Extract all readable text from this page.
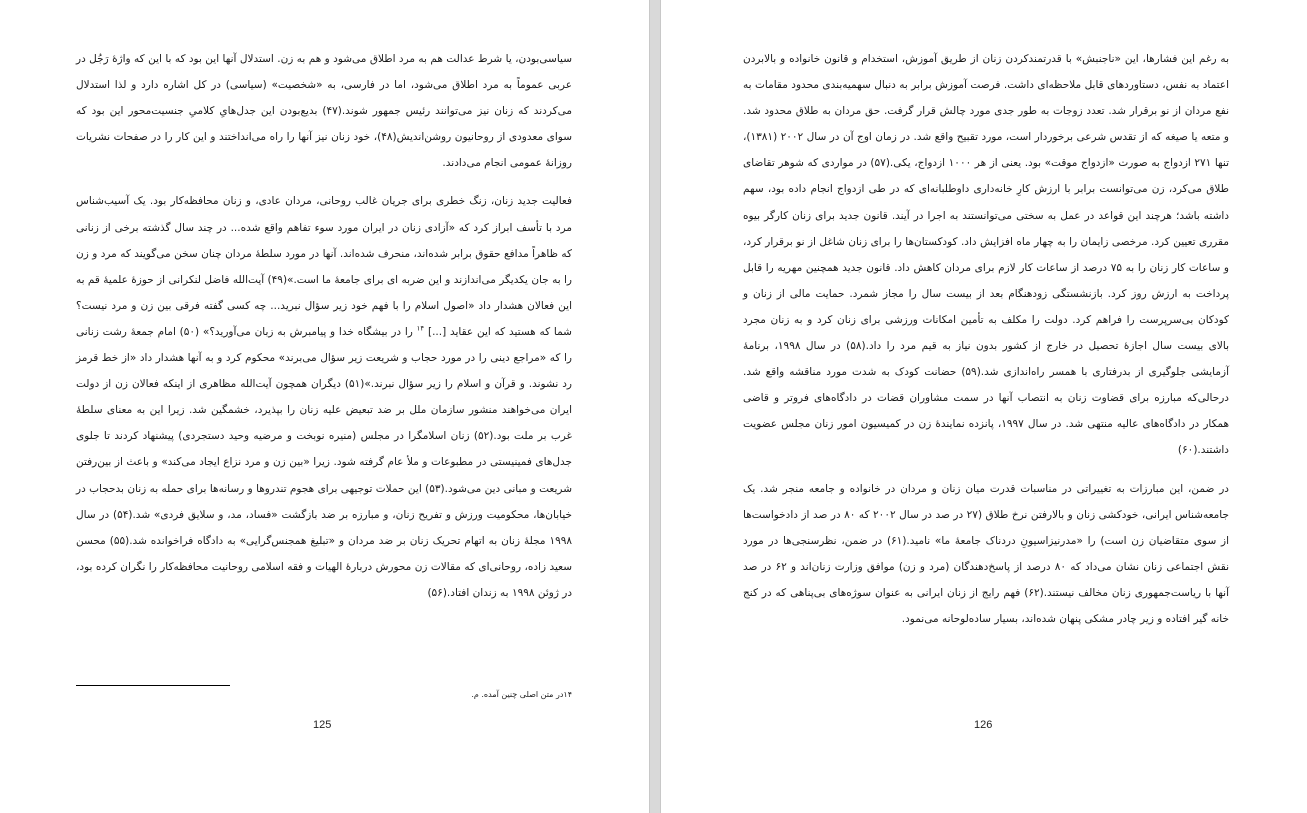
سیاسی‌بودن، یا شرط عدالت هم به مرد اطلاق می‌شود و هم به زن. استدلال آنها این بود که با این که واژهٔ رَجُل در عربی عموماً به مرد اطلاق می‌شود، اما در فارسی، به «شخصیت» (سیاسی) در کل اشاره دارد و لذا استدلال می‌کردند که زنان نیز می‌توانند رئیس جمهور شوند.(۴۷) بدیع‌بودن این جدل‌هایِ کلامیِ جنسیت‌محور این بود که سوای معدودی از روحانیون روشن‌اندیش(۴۸)، خود زنان نیز آنها را راه می‌انداختند و این کار را در صفحات نشریات روزانهٔ عمومی انجام می‌دادند.

فعالیت جدید زنان، زنگ خطری برای جریان غالب روحانی، مردان عادی، و زنان محافظه‌کار بود. یک آسیب‌شناس مرد با تأسف ابراز کرد که «آزادی زنان در ایران مورد سوء تفاهم واقع شده... در چند سال گذشته برخی از زنانی که ظاهراً مدافع حقوق برابر شده‌اند، منحرف شده‌اند. آنها در مورد سلطهٔ مردان چنان سخن می‌گویند که مرد و زن را به جان یکدیگر می‌اندازند و این ضربه ای برای جامعهٔ ما است.»(۴۹) آیت‌الله فاضل لنکرانی از حوزهٔ علمیهٔ قم به این فعالان هشدار داد «اصول اسلام را با فهم خود زیر سؤال نبرید... چه کسی گفته فرقی بین زن و مرد نیست؟ شما که هستید که این عقاید [...] $^{۱۴}$ را در بیشگاه خدا و پیامبرش به زبان می‌آورید؟» (۵۰) امام جمعهٔ رشت زنانی را که «مراجع دینی را در مورد حجاب و شریعت زیر سؤال می‌برند» محکوم کرد و به آنها هشدار داد «از خط قرمز رد نشوند. و قرآن و اسلام را زیر سؤال نبرند.»(۵۱) دیگران همچون آیت‌الله مظاهری از اینکه فعالان زن از دولت ایران می‌خواهند منشور سازمان ملل بر ضد تبعیض علیه زنان را بپذیرد، خشمگین شد. زیرا این به معنای سلطهٔ غرب بر ملت بود.(۵۲) زنان اسلامگرا در مجلس (منیره نوبخت و مرضیه وحید دستجردی) پیشنهاد کردند تا جلوی جدل‌های فمینیستی در مطبوعات و ملأ عام گرفته شود. زیرا «بین زن و مرد نزاع ایجاد می‌کند» و باعث از بین‌رفتن شریعت و مبانی دین می‌شود.(۵۳) این حملات توجیهی برای هجوم تندروها و رسانه‌ها برای حمله به زنان بدحجاب در خیابان‌ها، محکومیت ورزش و تفریح زنان، و مبارزه بر ضد بازگشت «فساد، مد، و سلایق فردی» شد.(۵۴) در سال ۱۹۹۸ مجلهٔ زنان به اتهام تحریک زنان بر ضد مردان و «تبلیغ همجنس‌گرایی» به دادگاه فراخوانده شد.(۵۵) محسن سعید زاده، روحانی‌ای که مقالات زن محورش دربارهٔ الهیات و فقه اسلامی روحانیت محافظه‌کار را نگران کرده بود، در ژوئن ۱۹۹۸ به زندان افتاد.(۵۶)

۱۴در متن اصلی چنین آمده. م.
125

به رغم این فشارها، این «ناجنبش» با قدرتمندکردن زنان از طریق آموزش، استخدام و قانون خانواده و بالابردن اعتماد به نفس، دستاوردهای قابل ملاحظه‌ای داشت. فرصت آموزش برابر به دنبال سهمیه‌بندی محدود مقامات به نفع مردان از نو برقرار شد. تعدد زوجات به طور جدی مورد چالش قرار گرفت. حق مردان به طلاق محدود شد. و متعه یا صیغه که از تقدس شرعی برخوردار است، مورد تقبیح واقع شد. در زمان اوج آن در سال ۲۰۰۲ (۱۳۸۱)، تنها ۲۷۱ ازدواج به صورت «ازدواج موقت» بود. یعنی از هر ۱۰۰۰ ازدواج، یکی.(۵۷) در مواردی که شوهر تقاضای طلاق می‌کرد، زن می‌توانست برابر با ارزش کارِ خانه‌داری داوطلبانه‌ای که در طی ازدواج انجام داده بود، سهم داشته باشد؛ هرچند این قواعد در عمل به سختی می‌توانستند به اجرا در آیند. قانون جدید برای زنان کارگر بیوه مقرری تعیین کرد. مرخصی زایمان را به چهار ماه افزایش داد. کودکستان‌ها را برای زنان شاغل از نو برقرار کرد، و ساعات کار زنان را به ۷۵ درصد از ساعات کار لازم برای مردان کاهش داد. قانون جدید همچنین مهریه را قابل پرداخت به ارزش روز کرد. بازنشستگی زودهنگام بعد از بیست سال را مجاز شمرد. حمایت مالی از زنان و کودکان بی‌سرپرست را فراهم کرد. دولت را مکلف به تأمین امکانات ورزشی برای زنان کرد و به زنان مجرد بالای بیست سال اجازهٔ تحصیل در خارج از کشور بدون نیاز به قیم مرد را داد.(۵۸) در سال ۱۹۹۸، برنامهٔ آزمایشی جلوگیری از بدرفتاری با همسر راه‌اندازی شد.(۵۹) حضانت کودک به شدت مورد مناقشه واقع شد. درحالی‌که مبارزه برای قضاوت زنان به انتصاب آنها در سمت مشاوران قضات در دادگاه‌های فروتر و قاضی همکار در دادگاه‌های عالیه منتهی شد. در سال ۱۹۹۷، پانزده نمایندهٔ زن در کمیسیون امور زنان مجلس عضویت داشتند.(۶۰)

در ضمن، این مبارزات به تغییراتی در مناسبات قدرت میان زنان و مردان در خانواده و جامعه منجر شد. یک جامعه‌شناس ایرانی، خودکشی زنان و بالارفتن نرخ طلاق (۲۷ در صد در سال ۲۰۰۲ که ۸۰ در صد از دادخواست‌ها از سوی متقاضیان زن است) را «مدرنیزاسیونِ دردناک جامعهٔ ما» نامید.(۶۱) در ضمن، نظرسنجی‌ها در مورد نقش اجتماعی زنان نشان می‌داد که ۸۰ درصد از پاسخ‌دهندگان (مرد و زن) موافق وزارت زنان‌اند و ۶۲ در صد آنها با ریاست‌جمهوری زنان مخالف نیستند.(۶۲) فهم رایج از زنان ایرانی به عنوان سوژه‌های بی‌پناهی که در کنج خانه گیر افتاده و زیر چادر مشکی پنهان شده‌اند، بسیار ساده‌لوحانه می‌نمود.

126
